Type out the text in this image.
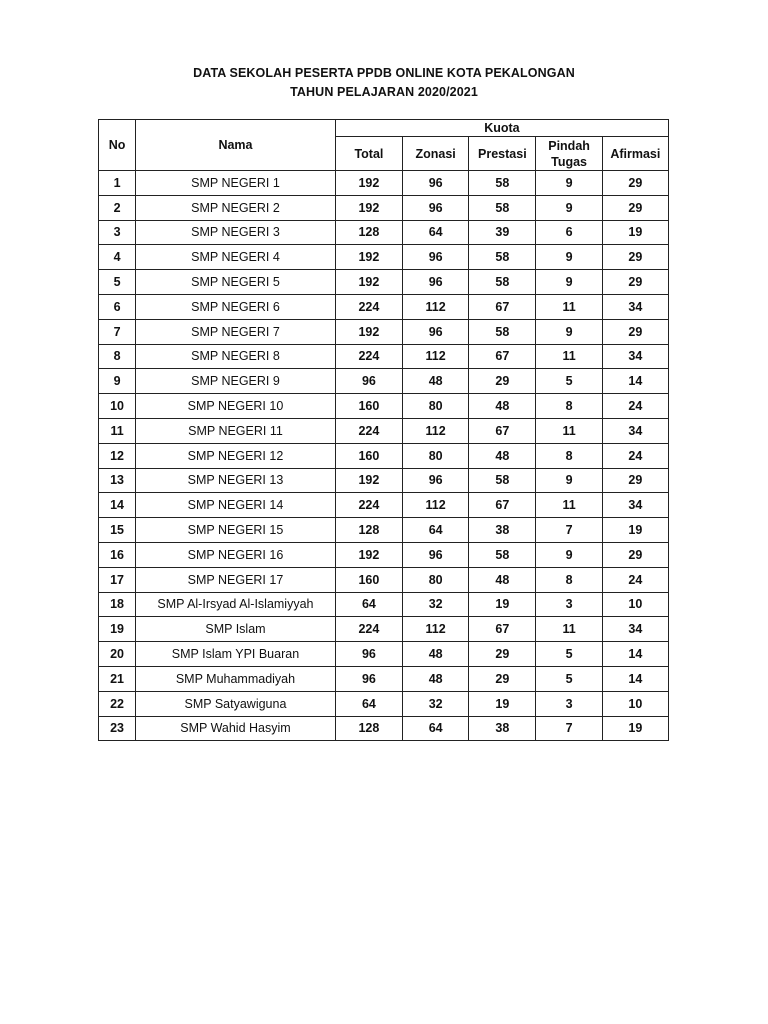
DATA SEKOLAH PESERTA PPDB ONLINE KOTA PEKALONGAN
TAHUN PELAJARAN 2020/2021
No	Nama	Kuota				
		Total	Zonasi	Prestasi	Pindah Tugas	Afirmasi
1	SMP NEGERI 1	192	96	58	9	29
2	SMP NEGERI 2	192	96	58	9	29
3	SMP NEGERI 3	128	64	39	6	19
4	SMP NEGERI 4	192	96	58	9	29
5	SMP NEGERI 5	192	96	58	9	29
6	SMP NEGERI 6	224	112	67	11	34
7	SMP NEGERI 7	192	96	58	9	29
8	SMP NEGERI 8	224	112	67	11	34
9	SMP NEGERI 9	96	48	29	5	14
10	SMP NEGERI 10	160	80	48	8	24
11	SMP NEGERI 11	224	112	67	11	34
12	SMP NEGERI 12	160	80	48	8	24
13	SMP NEGERI 13	192	96	58	9	29
14	SMP NEGERI 14	224	112	67	11	34
15	SMP NEGERI 15	128	64	38	7	19
16	SMP NEGERI 16	192	96	58	9	29
17	SMP NEGERI 17	160	80	48	8	24
18	SMP Al-Irsyad Al-Islamiyyah	64	32	19	3	10
19	SMP Islam	224	112	67	11	34
20	SMP Islam YPI Buaran	96	48	29	5	14
21	SMP Muhammadiyah	96	48	29	5	14
22	SMP Satyawiguna	64	32	19	3	10
23	SMP Wahid Hasyim	128	64	38	7	19
